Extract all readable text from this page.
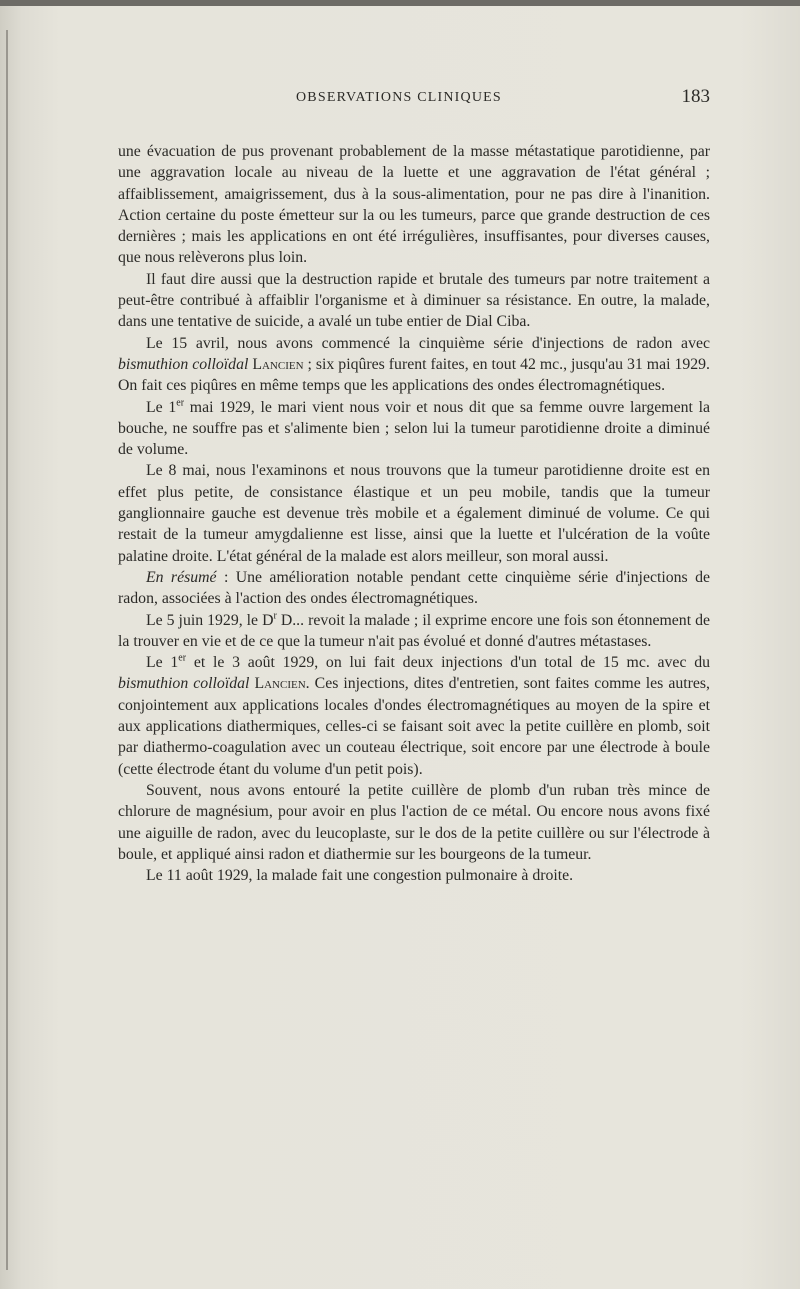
OBSERVATIONS CLINIQUES	183

une évacuation de pus provenant probablement de la masse métastatique parotidienne, par une aggravation locale au niveau de la luette et une aggravation de l'état général ; affaiblissement, amaigrissement, dus à la sous-alimentation, pour ne pas dire à l'inanition. Action certaine du poste émetteur sur la ou les tumeurs, parce que grande destruction de ces dernières ; mais les applications en ont été irrégulières, insuffisantes, pour diverses causes, que nous relèverons plus loin.

Il faut dire aussi que la destruction rapide et brutale des tumeurs par notre traitement a peut-être contribué à affaiblir l'organisme et à diminuer sa résistance. En outre, la malade, dans une tentative de suicide, a avalé un tube entier de Dial Ciba.

Le 15 avril, nous avons commencé la cinquième série d'injections de radon avec bismuthion colloïdal Lancien ; six piqûres furent faites, en tout 42 mc., jusqu'au 31 mai 1929. On fait ces piqûres en même temps que les applications des ondes électromagnétiques.

Le 1er mai 1929, le mari vient nous voir et nous dit que sa femme ouvre largement la bouche, ne souffre pas et s'alimente bien ; selon lui la tumeur parotidienne droite a diminué de volume.

Le 8 mai, nous l'examinons et nous trouvons que la tumeur parotidienne droite est en effet plus petite, de consistance élastique et un peu mobile, tandis que la tumeur ganglionnaire gauche est devenue très mobile et a également diminué de volume. Ce qui restait de la tumeur amygdalienne est lisse, ainsi que la luette et l'ulcération de la voûte palatine droite. L'état général de la malade est alors meilleur, son moral aussi.

En résumé : Une amélioration notable pendant cette cinquième série d'injections de radon, associées à l'action des ondes électromagnétiques.

Le 5 juin 1929, le $D^r$ D... revoit la malade ; il exprime encore une fois son étonnement de la trouver en vie et de ce que la tumeur n'ait pas évolué et donné d'autres métastases.

Le 1er et le 3 août 1929, on lui fait deux injections d'un total de 15 mc. avec du bismuthion colloïdal Lancien. Ces injections, dites d'entretien, sont faites comme les autres, conjointement aux applications locales d'ondes électromagnétiques au moyen de la spire et aux applications diathermiques, celles-ci se faisant soit avec la petite cuillère en plomb, soit par diathermo-coagulation avec un couteau électrique, soit encore par une électrode à boule (cette électrode étant du volume d'un petit pois).

Souvent, nous avons entouré la petite cuillère de plomb d'un ruban très mince de chlorure de magnésium, pour avoir en plus l'action de ce métal. Ou encore nous avons fixé une aiguille de radon, avec du leucoplaste, sur le dos de la petite cuillère ou sur l'électrode à boule, et appliqué ainsi radon et diathermie sur les bourgeons de la tumeur.

Le 11 août 1929, la malade fait une congestion pulmonaire à droite.
